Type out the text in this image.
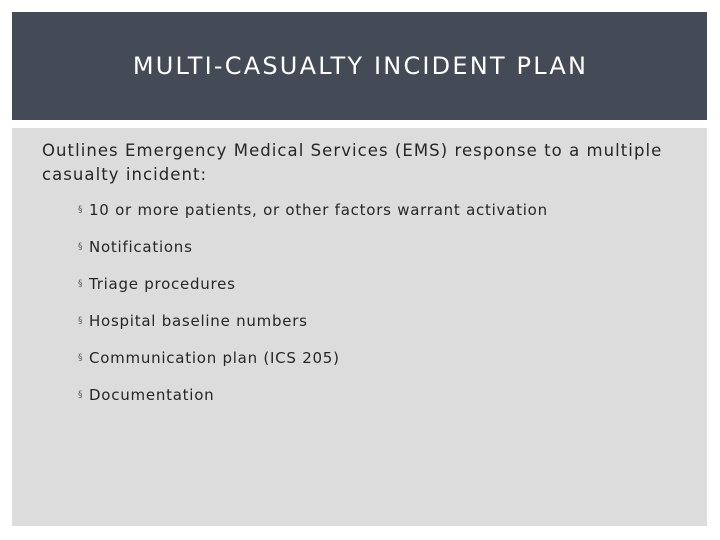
MULTI-CASUALTY INCIDENT PLAN

Outlines Emergency Medical Services (EMS) response to a multiple casualty incident:

§ 10 or more patients, or other factors warrant activation
§ Notifications
§ Triage procedures
§ Hospital baseline numbers
§ Communication plan (ICS 205)
§ Documentation
